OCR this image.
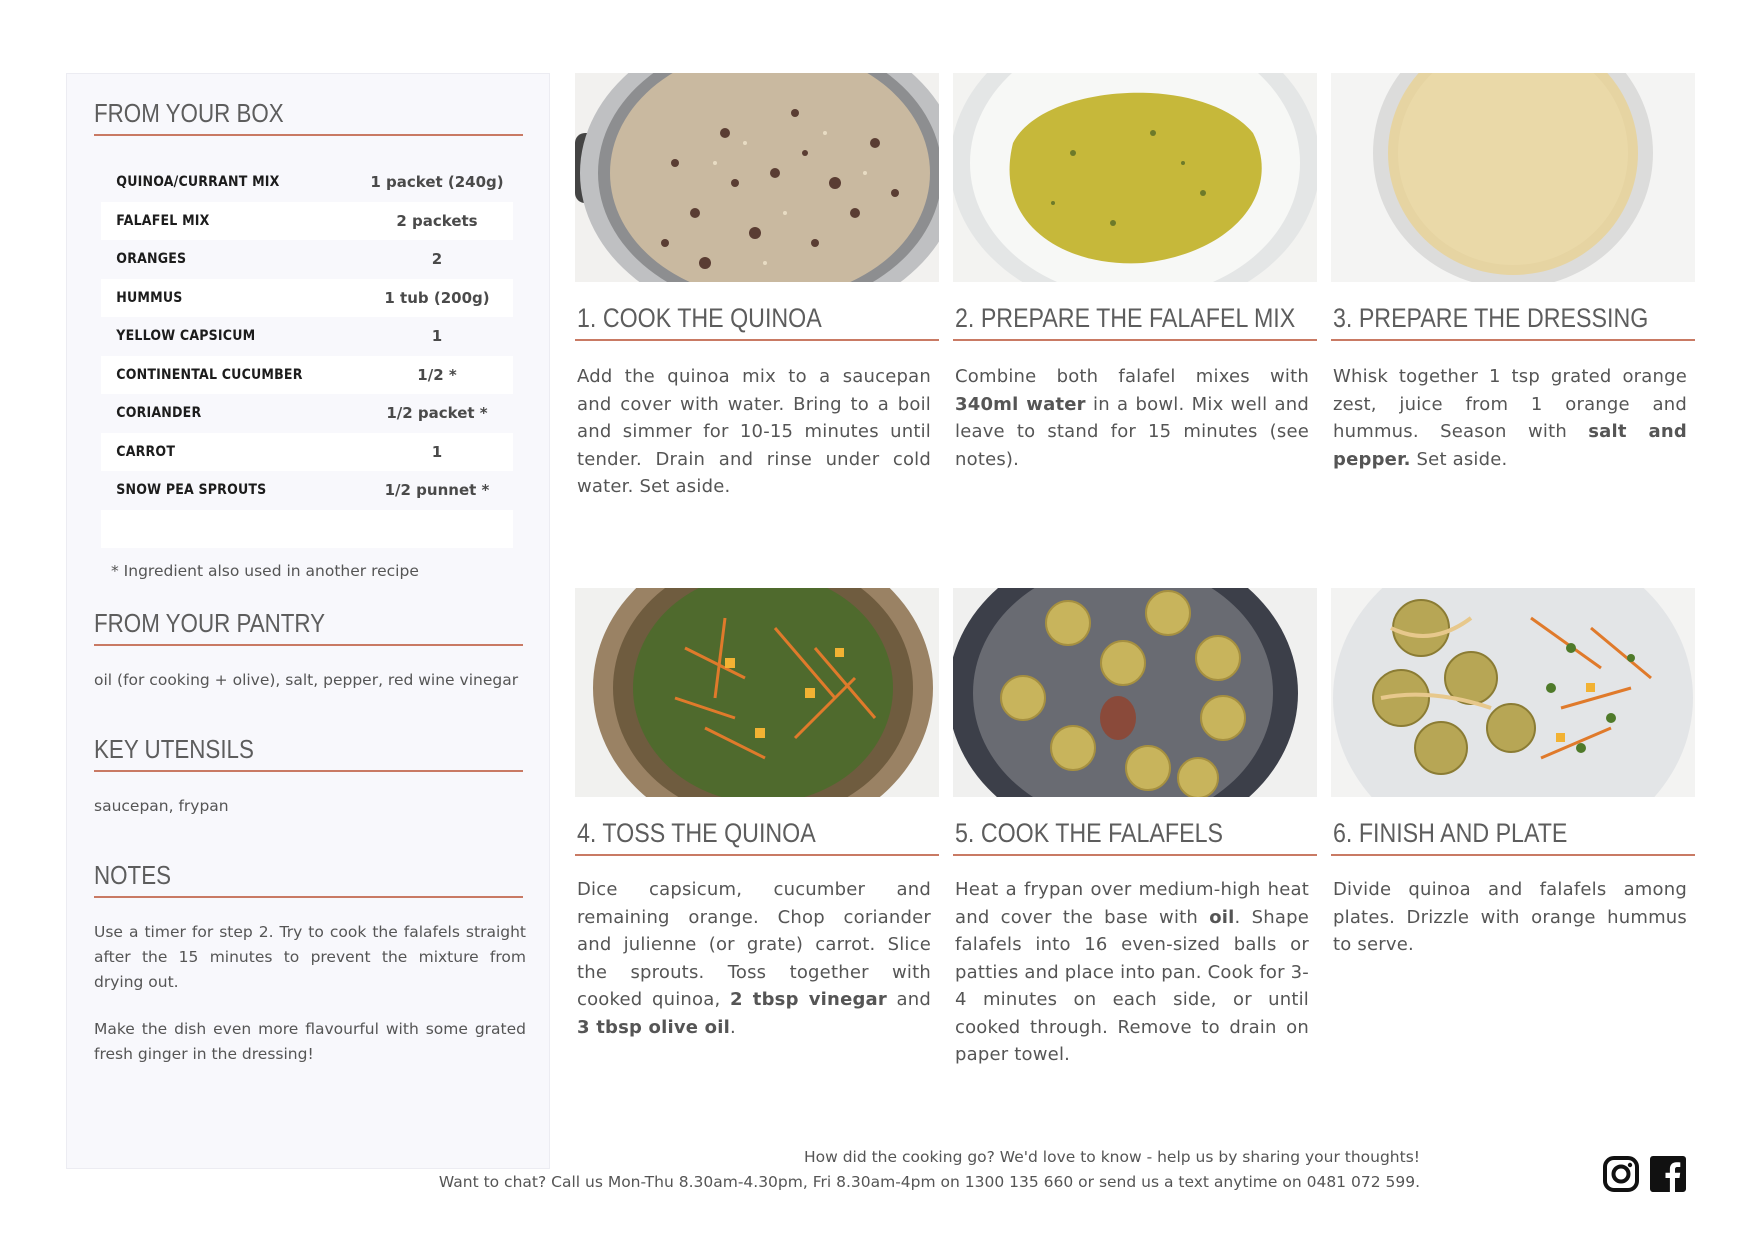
FROM YOUR BOX
QUINOA/CURRANT MIX	1 packet (240g)
FALAFEL MIX	2 packets
ORANGES	2
HUMMUS	1 tub (200g)
YELLOW CAPSICUM	1
CONTINENTAL CUCUMBER	1/2 *
CORIANDER	1/2 packet *
CARROT	1
SNOW PEA SPROUTS	1/2 punnet *
* Ingredient also used in another recipe
FROM YOUR PANTRY
oil (for cooking + olive), salt, pepper, red wine vinegar
KEY UTENSILS
saucepan, frypan
NOTES
Use a timer for step 2. Try to cook the falafels straight after the 15 minutes to prevent the mixture from drying out.
Make the dish even more flavourful with some grated fresh ginger in the dressing!
1. COOK THE QUINOA
Add the quinoa mix to a saucepan and cover with water. Bring to a boil and simmer for 10-15 minutes until tender. Drain and rinse under cold water. Set aside.
2. PREPARE THE FALAFEL MIX
Combine both falafel mixes with 340ml water in a bowl. Mix well and leave to stand for 15 minutes (see notes).
3. PREPARE THE DRESSING
Whisk together 1 tsp grated orange zest, juice from 1 orange and hummus. Season with salt and pepper. Set aside.
4. TOSS THE QUINOA
Dice capsicum, cucumber and remaining orange. Chop coriander and julienne (or grate) carrot. Slice the sprouts. Toss together with cooked quinoa, 2 tbsp vinegar and 3 tbsp olive oil.
5. COOK THE FALAFELS
Heat a frypan over medium-high heat and cover the base with oil. Shape falafels into 16 even-sized balls or patties and place into pan. Cook for 3-4 minutes on each side, or until cooked through. Remove to drain on paper towel.
6. FINISH AND PLATE
Divide quinoa and falafels among plates. Drizzle with orange hummus to serve.
How did the cooking go? We'd love to know - help us by sharing your thoughts!
Want to chat? Call us Mon-Thu 8.30am-4.30pm, Fri 8.30am-4pm on 1300 135 660 or send us a text anytime on 0481 072 599.
